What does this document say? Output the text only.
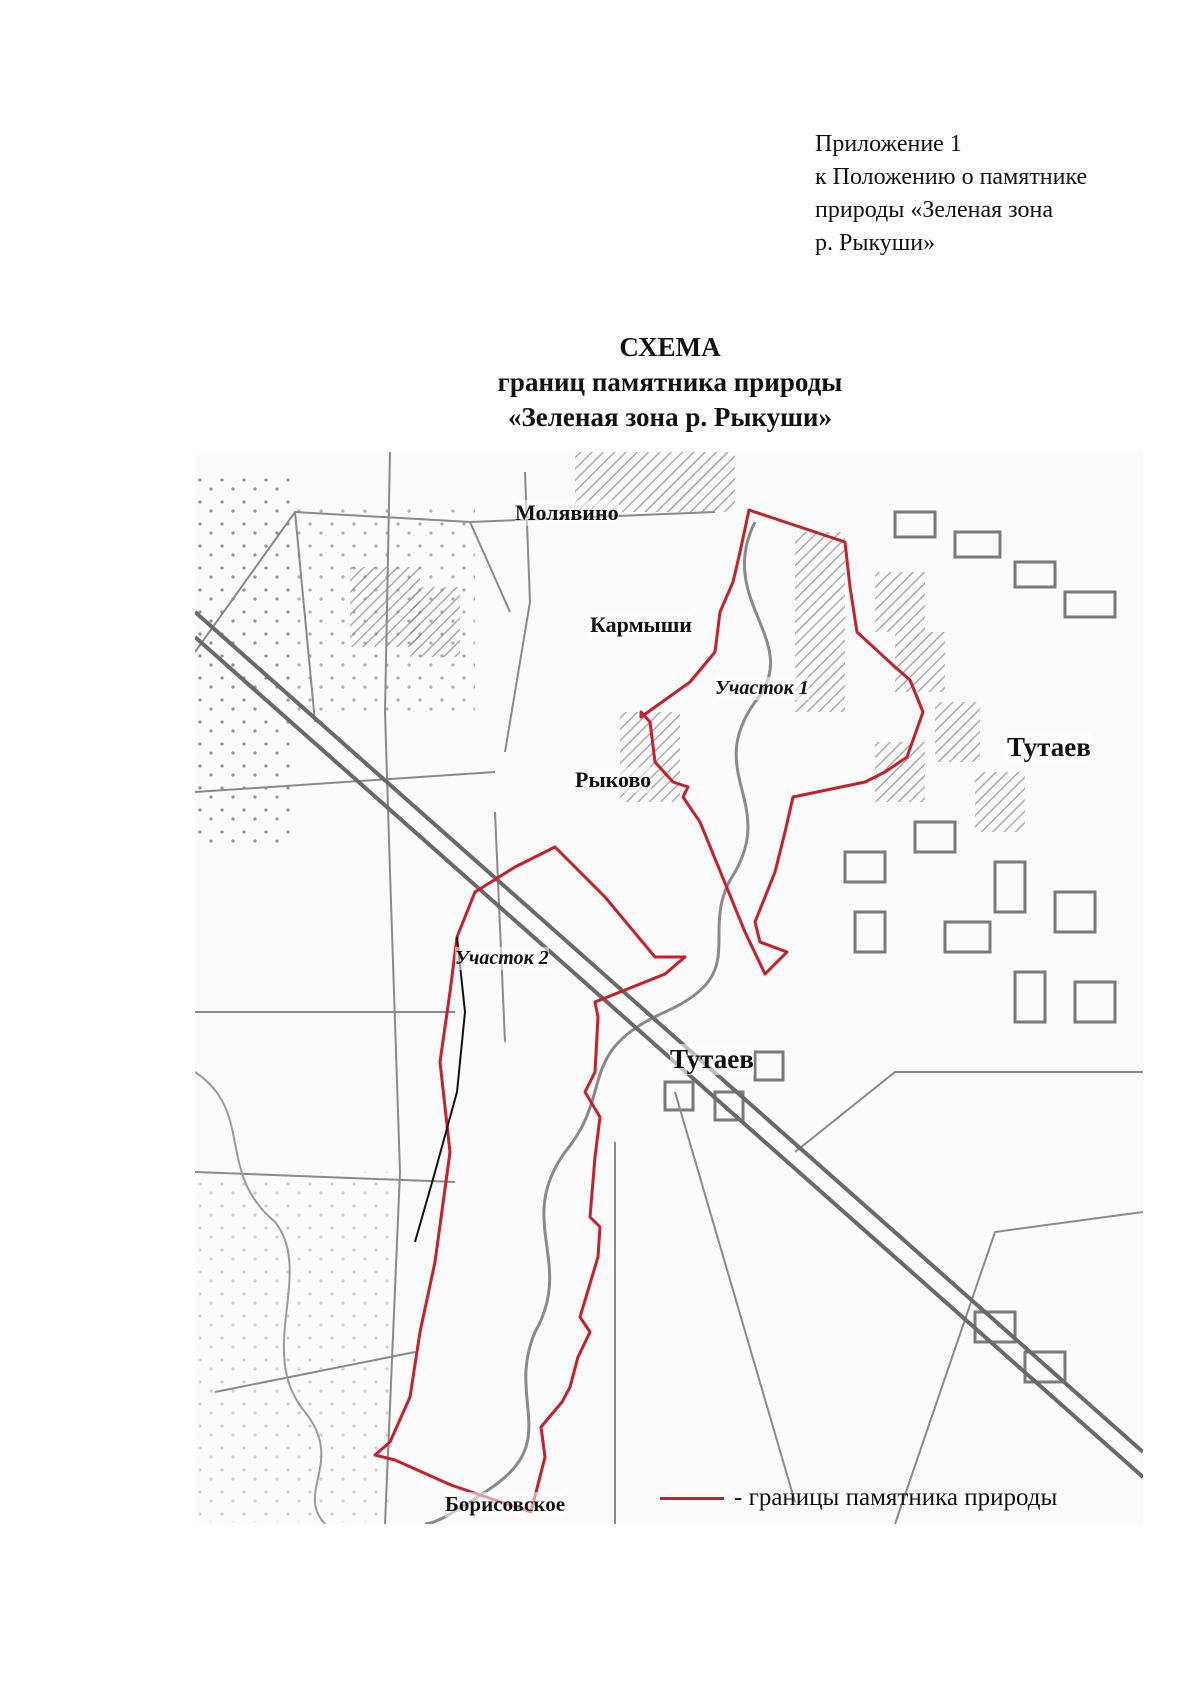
Приложение 1
к Положению о памятнике
природы «Зеленая зона
р. Рыкуши»
СХЕМА
границ памятника природы
«Зеленая зона р. Рыкуши»
Молявино
Кармыши
Участок 1
Тутаев
Рыково
Участок 2
Тутаев
Борисовское	- границы памятника природы
